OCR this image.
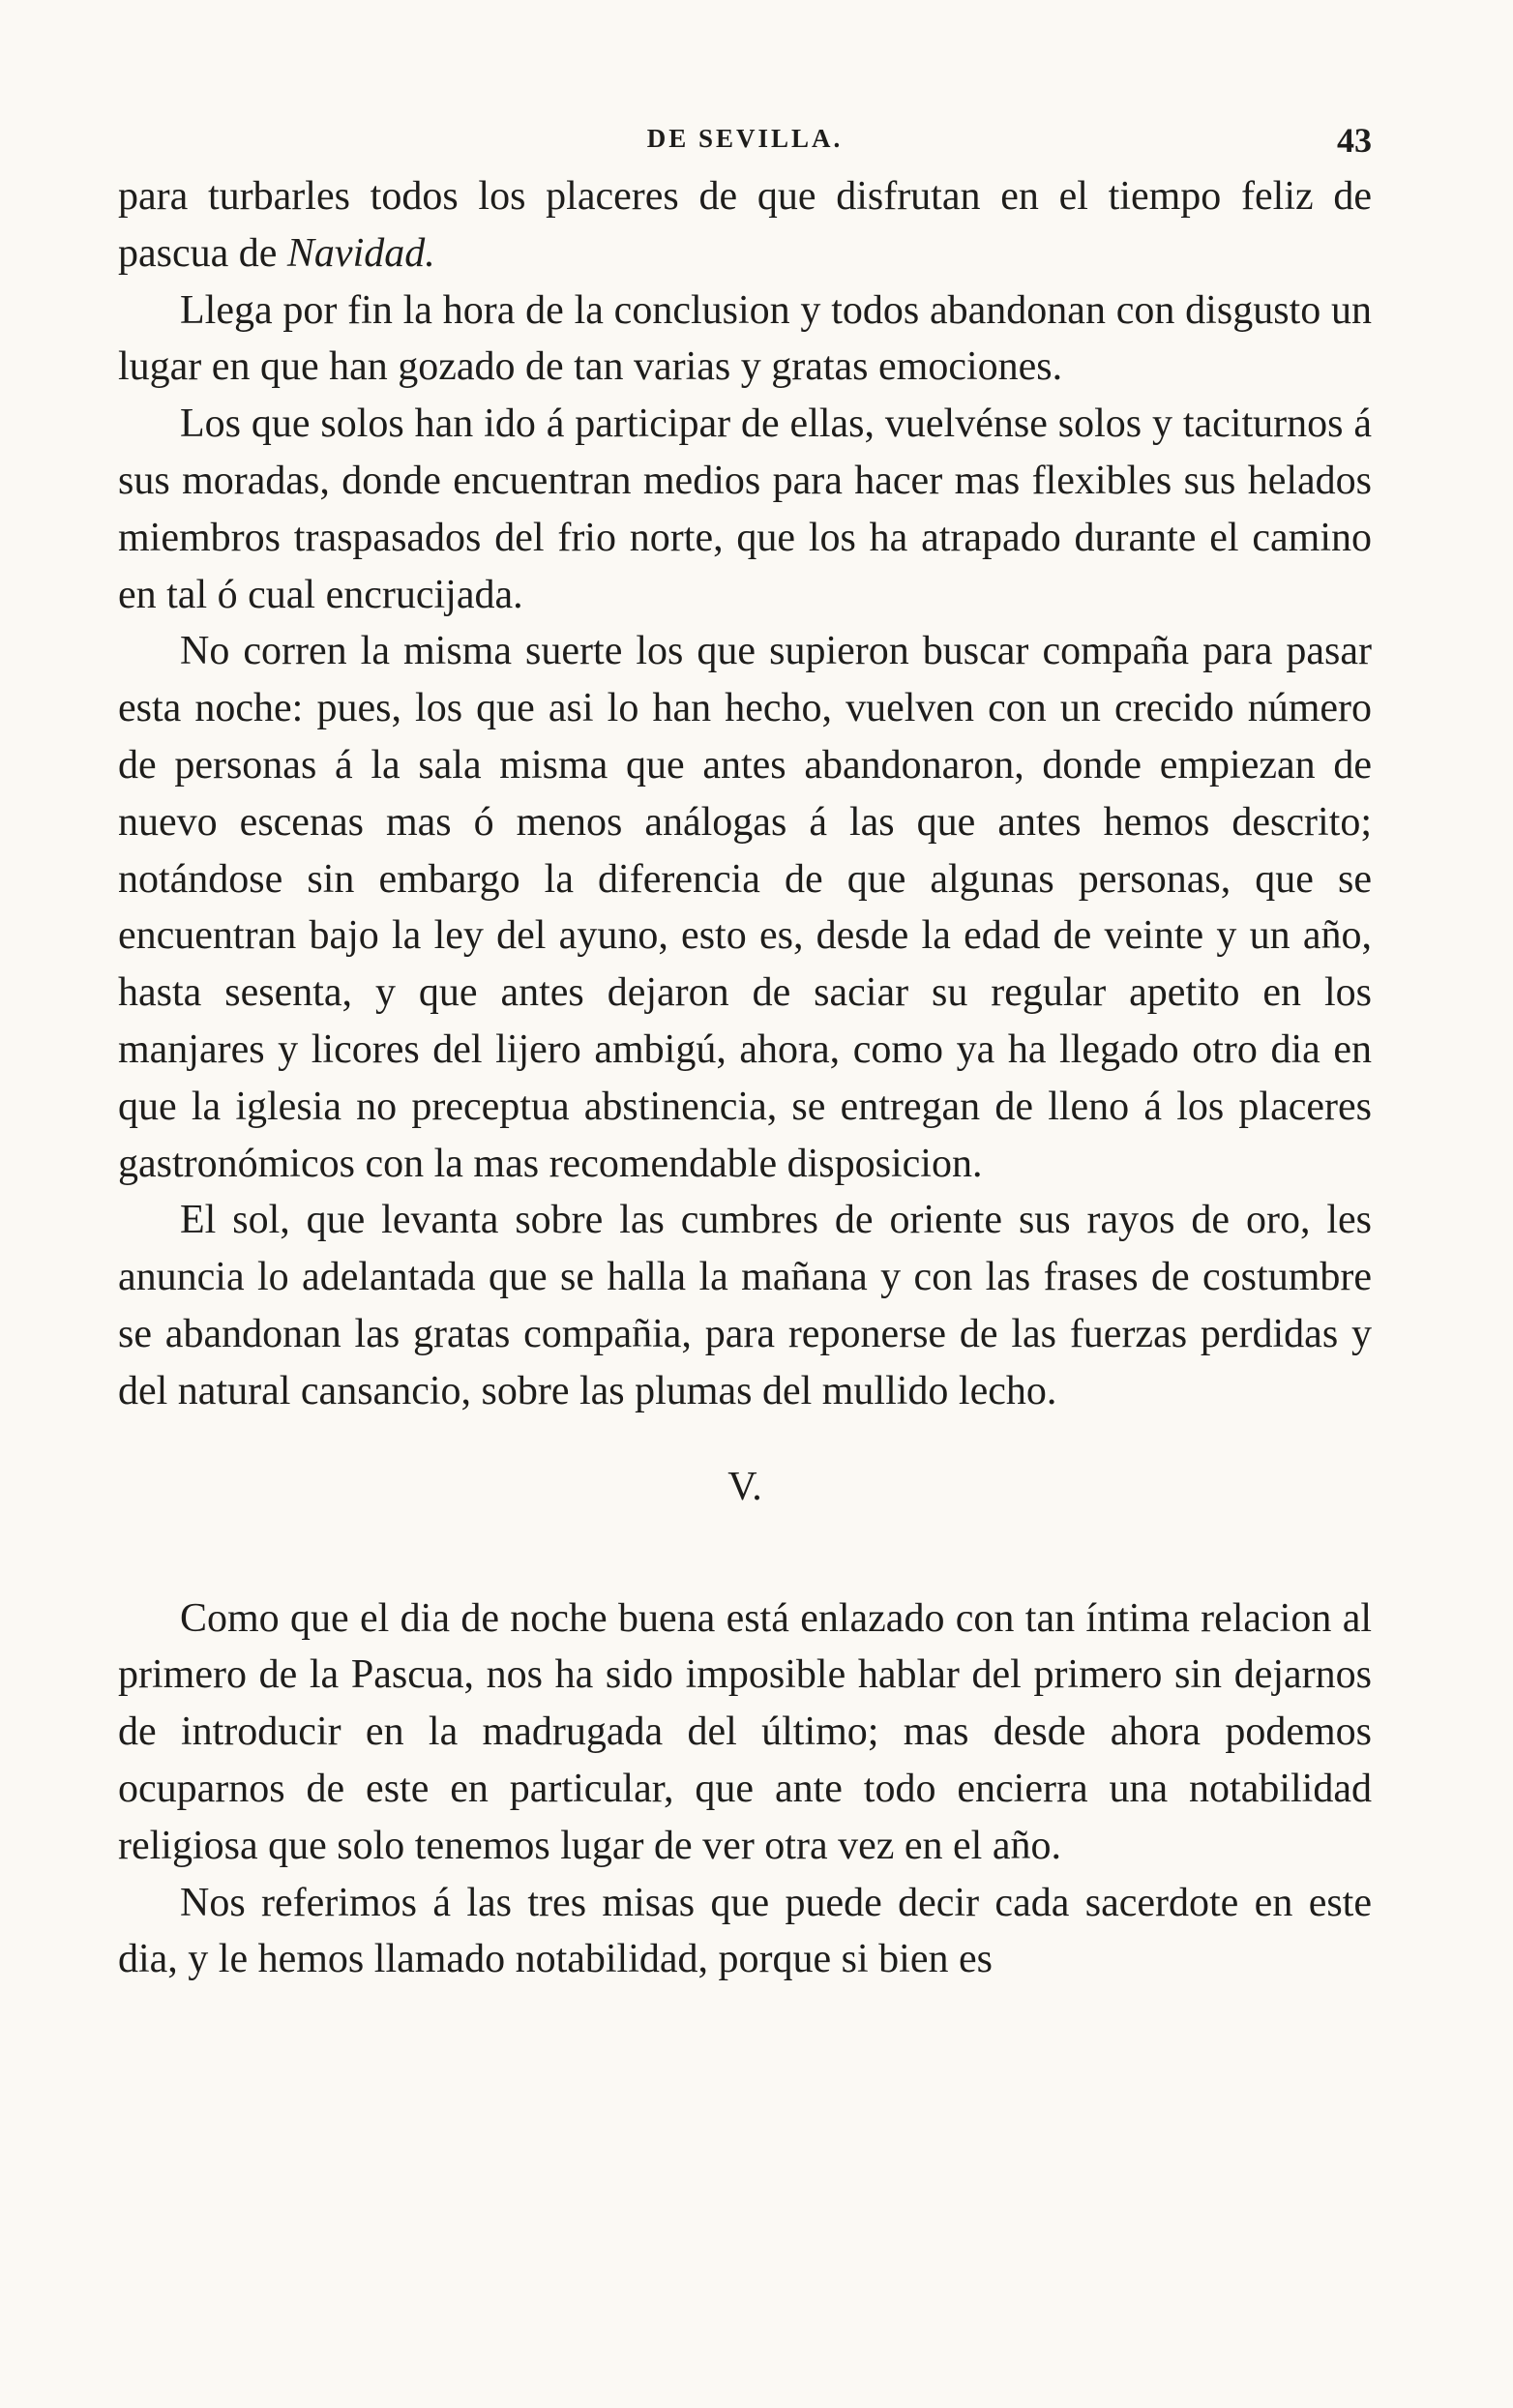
DE SEVILLA.	43

para turbarles todos los placeres de que disfrutan en el tiempo feliz de pascua de Navidad.

Llega por fin la hora de la conclusion y todos abandonan con disgusto un lugar en que han gozado de tan varias y gratas emociones.

Los que solos han ido á participar de ellas, vuelvénse solos y taciturnos á sus moradas, donde encuentran medios para hacer mas flexibles sus helados miembros traspasados del frio norte, que los ha atrapado durante el camino en tal ó cual encrucijada.

No corren la misma suerte los que supieron buscar compaña para pasar esta noche: pues, los que asi lo han hecho, vuelven con un crecido número de personas á la sala misma que antes abandonaron, donde empiezan de nuevo escenas mas ó menos análogas á las que antes hemos descrito; notándose sin embargo la diferencia de que algunas personas, que se encuentran bajo la ley del ayuno, esto es, desde la edad de veinte y un año, hasta sesenta, y que antes dejaron de saciar su regular apetito en los manjares y licores del lijero ambigú, ahora, como ya ha llegado otro dia en que la iglesia no preceptua abstinencia, se entregan de lleno á los placeres gastronómicos con la mas recomendable disposicion.

El sol, que levanta sobre las cumbres de oriente sus rayos de oro, les anuncia lo adelantada que se halla la mañana y con las frases de costumbre se abandonan las gratas compañia, para reponerse de las fuerzas perdidas y del natural cansancio, sobre las plumas del mullido lecho.

V.

Como que el dia de noche buena está enlazado con tan íntima relacion al primero de la Pascua, nos ha sido imposible hablar del primero sin dejarnos de introducir en la madrugada del último; mas desde ahora podemos ocuparnos de este en particular, que ante todo encierra una notabilidad religiosa que solo tenemos lugar de ver otra vez en el año.

Nos referimos á las tres misas que puede decir cada sacerdote en este dia, y le hemos llamado notabilidad, porque si bien es
